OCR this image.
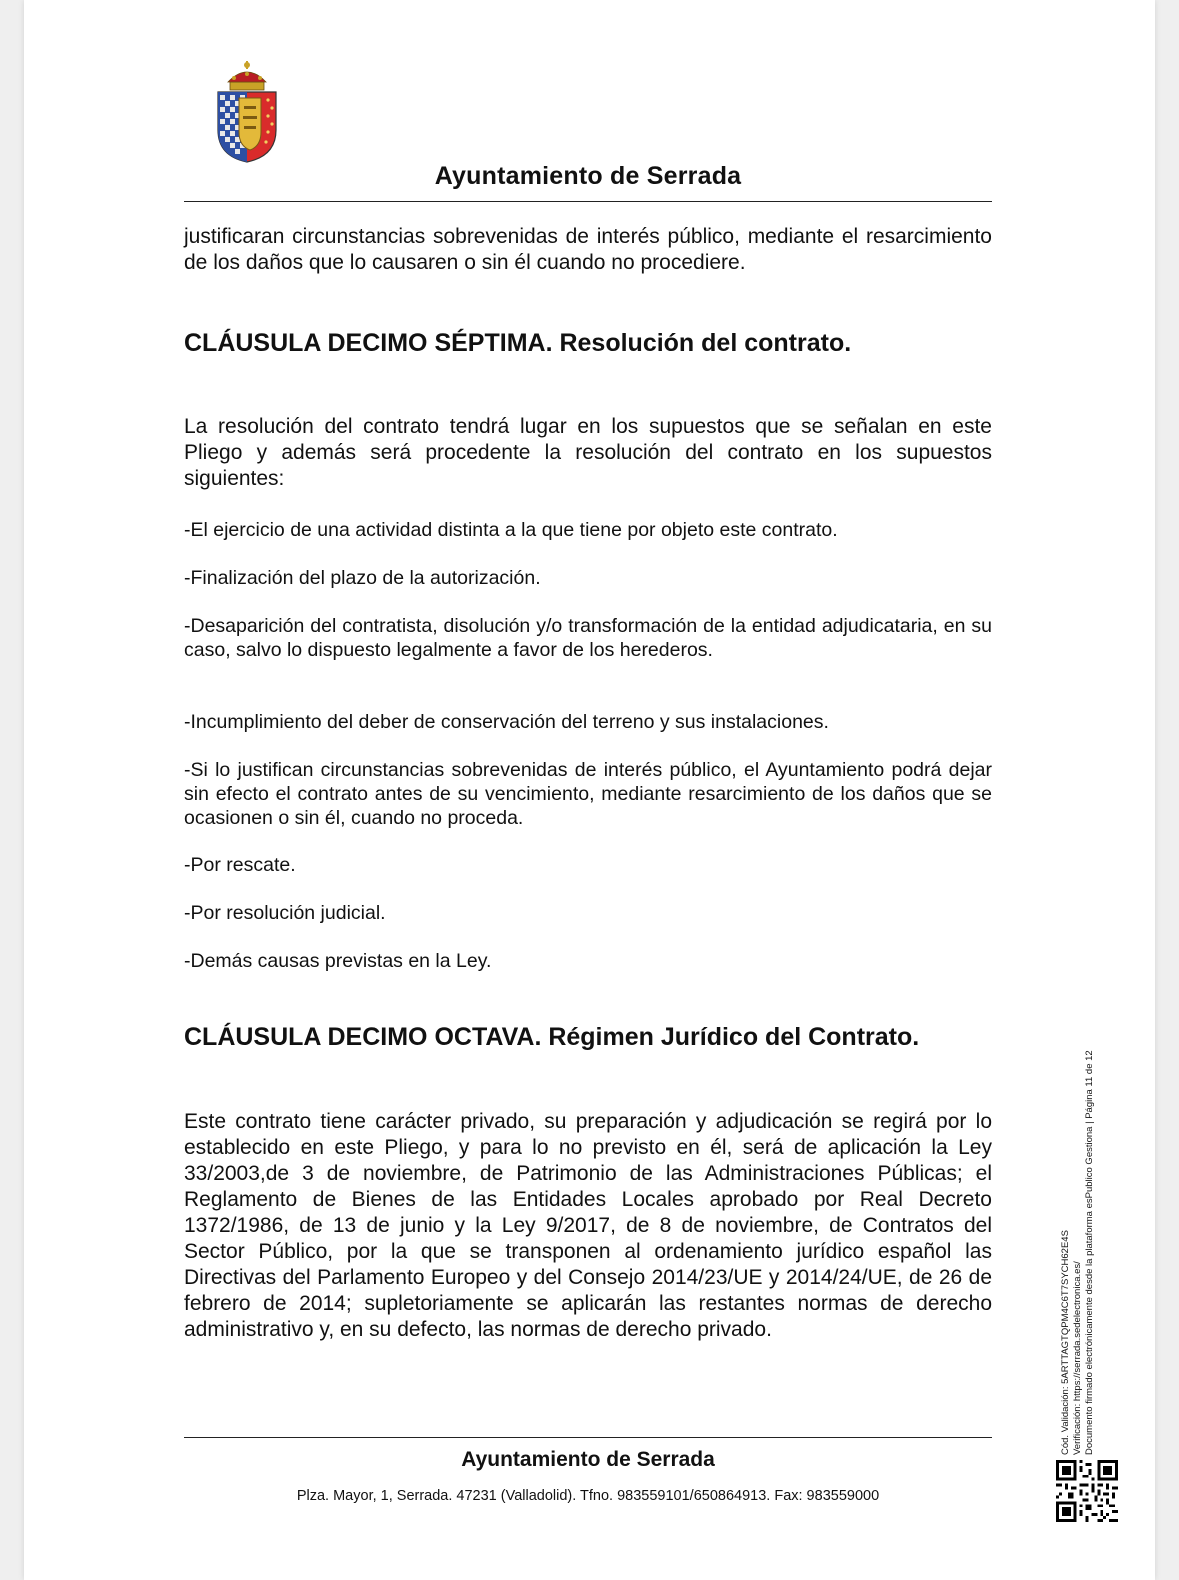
Ayuntamiento de Serrada
justificaran circunstancias sobrevenidas de interés público, mediante el resarcimiento de los daños que lo causaren o sin él cuando no procediere.
CLÁUSULA DECIMO SÉPTIMA. Resolución del contrato.
La resolución del contrato tendrá lugar en los supuestos que se señalan en este Pliego y además será procedente la resolución del contrato en los supuestos siguientes:
-El ejercicio de una actividad distinta a la que tiene por objeto este contrato.
-Finalización del plazo de la autorización.
-Desaparición del contratista, disolución y/o transformación de la entidad adjudicataria, en su caso, salvo lo dispuesto legalmente a favor de los herederos.
-Incumplimiento del deber de conservación del terreno y sus instalaciones.
-Si lo justifican circunstancias sobrevenidas de interés público, el Ayuntamiento podrá dejar sin efecto el contrato antes de su vencimiento, mediante resarcimiento de los daños que se ocasionen o sin él, cuando no proceda.
-Por rescate.
-Por resolución judicial.
-Demás causas previstas en la Ley.
CLÁUSULA DECIMO OCTAVA. Régimen Jurídico del Contrato.
Este contrato tiene carácter privado, su preparación y adjudicación se regirá por lo establecido en este Pliego, y para lo no previsto en él, será de aplicación la Ley 33/2003,de 3 de noviembre, de Patrimonio de las Administraciones Públicas; el Reglamento de Bienes de las Entidades Locales aprobado por Real Decreto 1372/1986, de 13 de junio y la Ley 9/2017, de 8 de noviembre, de Contratos del Sector Público, por la que se transponen al ordenamiento jurídico español las Directivas del Parlamento Europeo y del Consejo 2014/23/UE y 2014/24/UE, de 26 de febrero de 2014; supletoriamente se aplicarán las restantes normas de derecho administrativo y, en su defecto, las normas de derecho privado.
Ayuntamiento de Serrada
Plza. Mayor, 1, Serrada. 47231 (Valladolid). Tfno. 983559101/650864913. Fax: 983559000
Cód. Validación: 5ARTTAGTQPM4C6T7SYCH62E4S Verificación: https://serrada.sedelectronica.es/ Documento firmado electrónicamente desde la plataforma esPublico Gestiona | Página 11 de 12
